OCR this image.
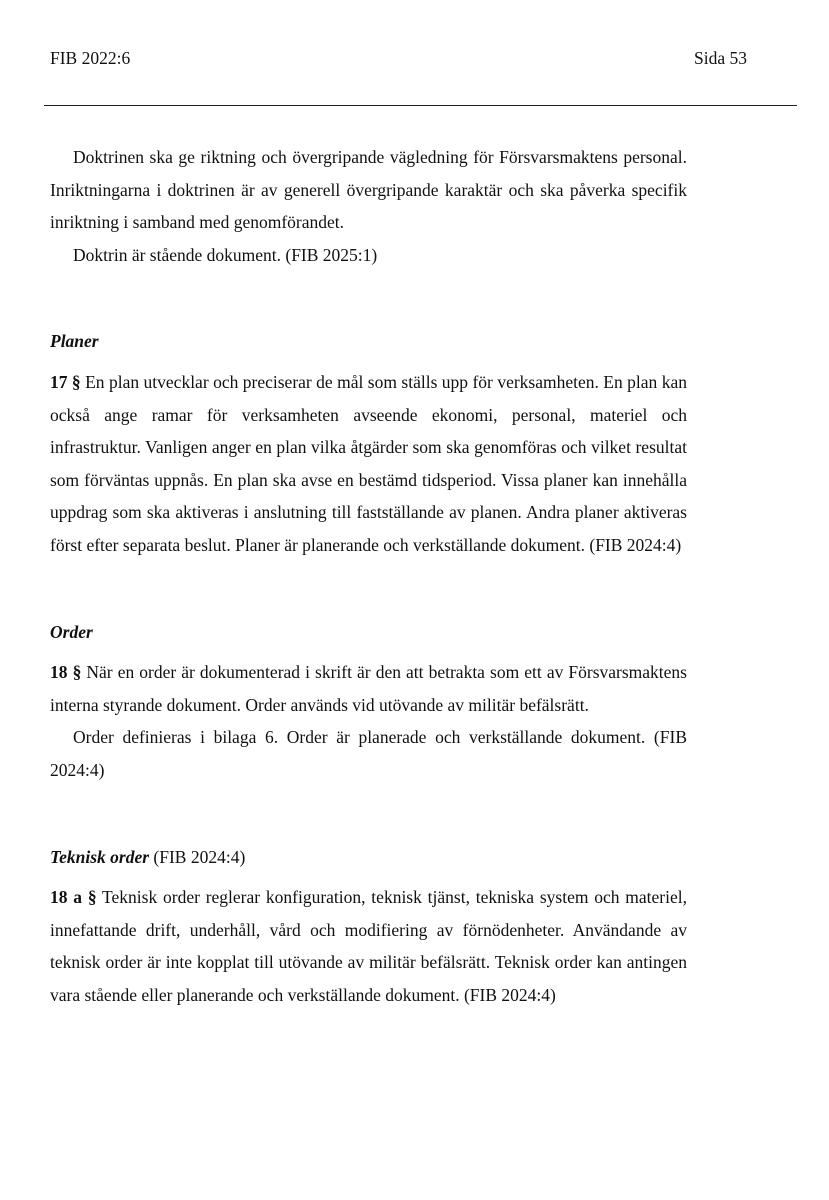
FIB 2022:6	Sida 53

Doktrinen ska ge riktning och övergripande vägledning för Försvarsmaktens personal. Inriktningarna i doktrinen är av generell övergripande karaktär och ska påverka specifik inriktning i samband med genomförandet.

Doktrin är stående dokument. (FIB 2025:1)

Planer

17 § En plan utvecklar och preciserar de mål som ställs upp för verksamheten. En plan kan också ange ramar för verksamheten avseende ekonomi, personal, materiel och infrastruktur. Vanligen anger en plan vilka åtgärder som ska genomföras och vilket resultat som förväntas uppnås. En plan ska avse en bestämd tidsperiod. Vissa planer kan innehålla uppdrag som ska aktiveras i anslutning till fastställande av planen. Andra planer aktiveras först efter separata beslut. Planer är planerande och verkställande dokument. (FIB 2024:4)

Order

18 § När en order är dokumenterad i skrift är den att betrakta som ett av Försvarsmaktens interna styrande dokument. Order används vid utövande av militär befälsrätt.

Order definieras i bilaga 6. Order är planerade och verkställande dokument. (FIB 2024:4)

Teknisk order (FIB 2024:4)

18 a § Teknisk order reglerar konfiguration, teknisk tjänst, tekniska system och materiel, innefattande drift, underhåll, vård och modifiering av förnödenheter. Användande av teknisk order är inte kopplat till utövande av militär befälsrätt. Teknisk order kan antingen vara stående eller planerande och verkställande dokument. (FIB 2024:4)
